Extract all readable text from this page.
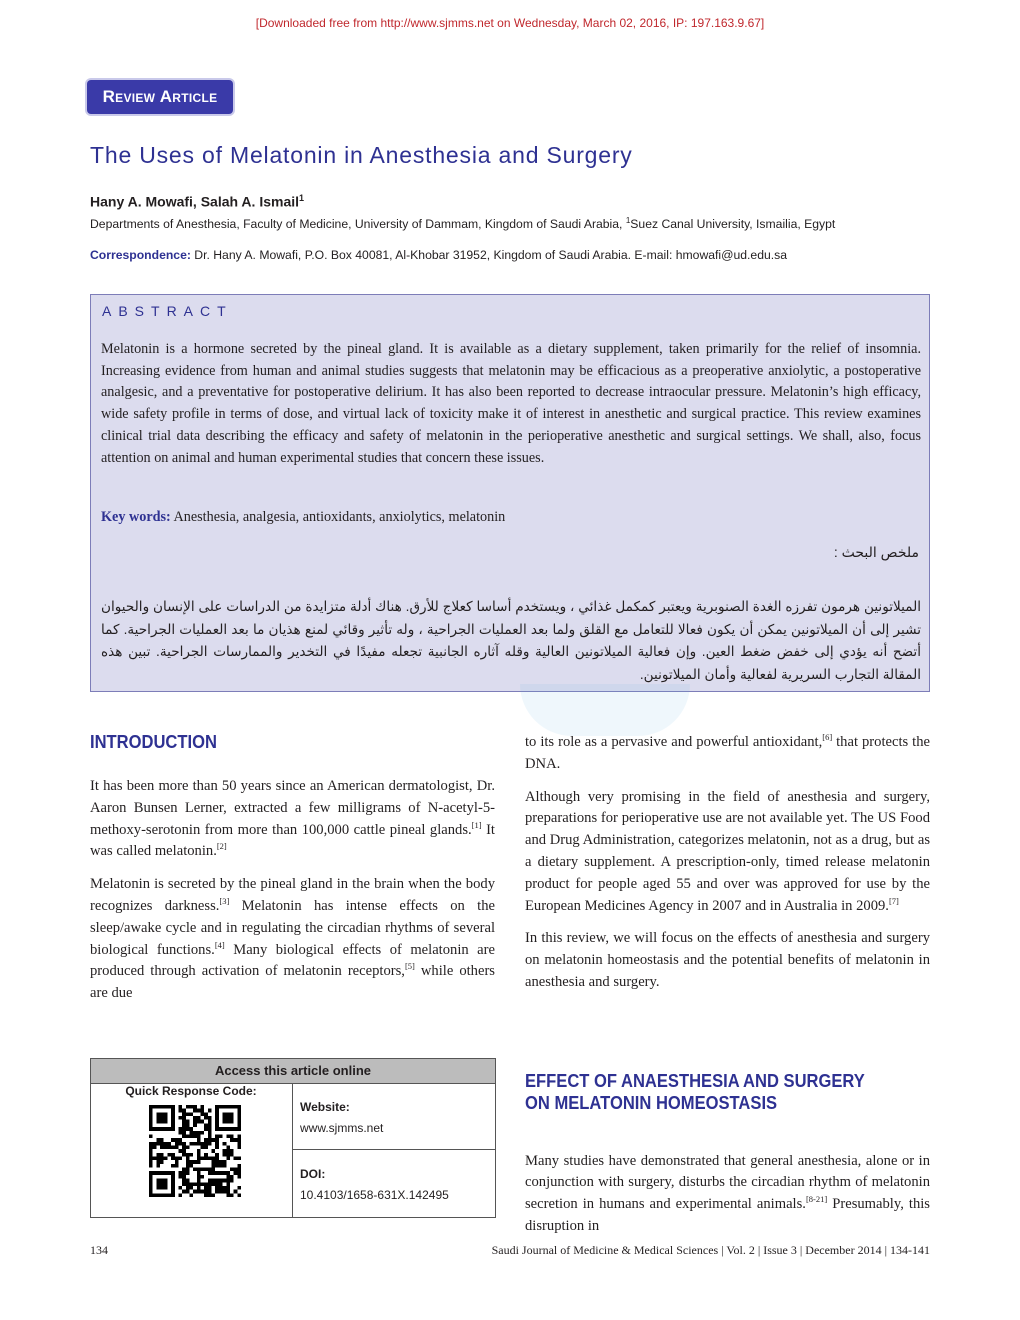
[Downloaded free from http://www.sjmms.net on Wednesday, March 02, 2016, IP: 197.163.9.67]
Review Article
The Uses of Melatonin in Anesthesia and Surgery
Hany A. Mowafi, Salah A. Ismail$^1$
Departments of Anesthesia, Faculty of Medicine, University of Dammam, Kingdom of Saudi Arabia, $^1$Suez Canal University, Ismailia, Egypt
Correspondence: Dr. Hany A. Mowafi, P.O. Box 40081, Al-Khobar 31952, Kingdom of Saudi Arabia. E-mail: hmowafi@ud.edu.sa
ABSTRACT
Melatonin is a hormone secreted by the pineal gland. It is available as a dietary supplement, taken primarily for the relief of insomnia. Increasing evidence from human and animal studies suggests that melatonin may be efficacious as a preoperative anxiolytic, a postoperative analgesic, and a preventative for postoperative delirium. It has also been reported to decrease intraocular pressure. Melatonin’s high efficacy, wide safety profile in terms of dose, and virtual lack of toxicity make it of interest in anesthetic and surgical practice. This review examines clinical trial data describing the efficacy and safety of melatonin in the perioperative anesthetic and surgical settings. We shall, also, focus attention on animal and human experimental studies that concern these issues.
Key words: Anesthesia, analgesia, antioxidants, anxiolytics, melatonin
ملخص البحث :
الميلاتونين هرمون تفرزه الغدة الصنوبرية ويعتبر كمكمل غذائي ، ويستخدم أساسا كعلاج للأرق. هناك أدلة متزايدة من الدراسات على الإنسان والحيوان تشير إلى أن الميلاتونين يمكن أن يكون فعالا للتعامل مع القلق ولما بعد العمليات الجراحية ، وله تأثير وقائي لمنع هذيان ما بعد العمليات الجراحية. كما أتضح أنه يؤدي إلى خفض ضغط العين. وإن فعالية الميلاتونين العالية وقله آثاره الجانبية تجعله مفيدًا في التخدير والممارسات الجراحية. تبين هذه المقالة التجارب السريرية لفعالية وأمان الميلاتونين.
INTRODUCTION

It has been more than 50 years since an American dermatologist, Dr. Aaron Bunsen Lerner, extracted a few milligrams of N-acetyl-5-methoxy-serotonin from more than 100,000 cattle pineal glands.[1] It was called melatonin.[2]

Melatonin is secreted by the pineal gland in the brain when the body recognizes darkness.[3] Melatonin has intense effects on the sleep/awake cycle and in regulating the circadian rhythms of several biological functions.[4] Many biological effects of melatonin are produced through activation of melatonin receptors,[5] while others are due

to its role as a pervasive and powerful antioxidant,[6] that protects the DNA.

Although very promising in the field of anesthesia and surgery, preparations for perioperative use are not available yet. The US Food and Drug Administration, categorizes melatonin, not as a drug, but as a dietary supplement. A prescription-only, timed release melatonin product for people aged 55 and over was approved for use by the European Medicines Agency in 2007 and in Australia in 2009.[7]

In this review, we will focus on the effects of anesthesia and surgery on melatonin homeostasis and the potential benefits of melatonin in anesthesia and surgery.

EFFECT OF ANAESTHESIA AND SURGERY
ON MELATONIN HOMEOSTASIS

Many studies have demonstrated that general anesthesia, alone or in conjunction with surgery, disturbs the circadian rhythm of melatonin secretion in humans and experimental animals.[8-21] Presumably, this disruption in

Access this article online
Quick Response Code:
Website:
www.sjmms.net
DOI:
10.4103/1658-631X.142495
134	Saudi Journal of Medicine & Medical Sciences | Vol. 2 | Issue 3 | December 2014 | 134-141
